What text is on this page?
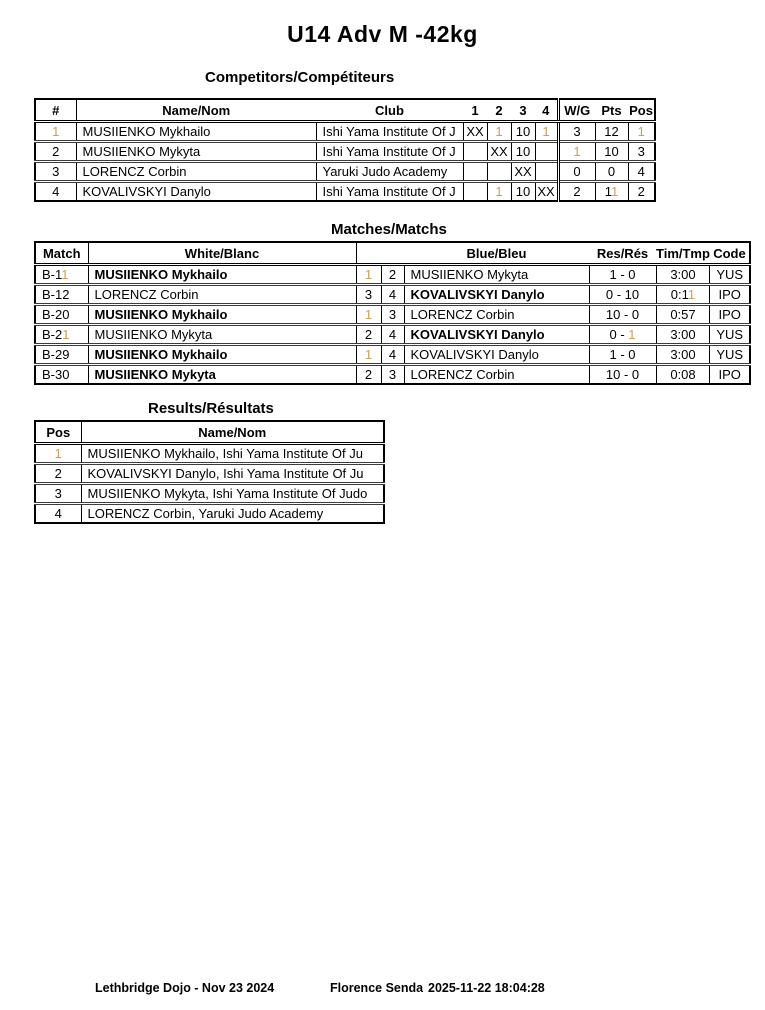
U14 Adv M -42kg
Competitors/Compétiteurs
#	Name/Nom	Club	1	2	3	4	W/G	Pts	Pos
1	MUSIIENKO Mykhailo	Ishi Yama Institute Of J	XX	1	10	1	3	12	1
2	MUSIIENKO Mykyta	Ishi Yama Institute Of J		XX	10		1	10	3
3	LORENCZ Corbin	Yaruki Judo Academy			XX		0	0	4
4	KOVALIVSKYI Danylo	Ishi Yama Institute Of J		1	10	XX	2	11	2
Matches/Matchs
Match	White/Blanc			Blue/Bleu	Res/Rés	Tim/Tmp	Code
B-11	MUSIIENKO Mykhailo	1	2	MUSIIENKO Mykyta	1 - 0	3:00	YUS
B-12	LORENCZ Corbin	3	4	KOVALIVSKYI Danylo	0 - 10	0:11	IPO
B-20	MUSIIENKO Mykhailo	1	3	LORENCZ Corbin	10 - 0	0:57	IPO
B-21	MUSIIENKO Mykyta	2	4	KOVALIVSKYI Danylo	0 - 1	3:00	YUS
B-29	MUSIIENKO Mykhailo	1	4	KOVALIVSKYI Danylo	1 - 0	3:00	YUS
B-30	MUSIIENKO Mykyta	2	3	LORENCZ Corbin	10 - 0	0:08	IPO
Results/Résultats
Pos	Name/Nom
1	MUSIIENKO Mykhailo, Ishi Yama Institute Of Ju
2	KOVALIVSKYI Danylo, Ishi Yama Institute Of Ju
3	MUSIIENKO Mykyta, Ishi Yama Institute Of Judo
4	LORENCZ Corbin, Yaruki Judo Academy
Lethbridge Dojo - Nov 23 2024	Florence Senda 2025-11-22 18:04:28
